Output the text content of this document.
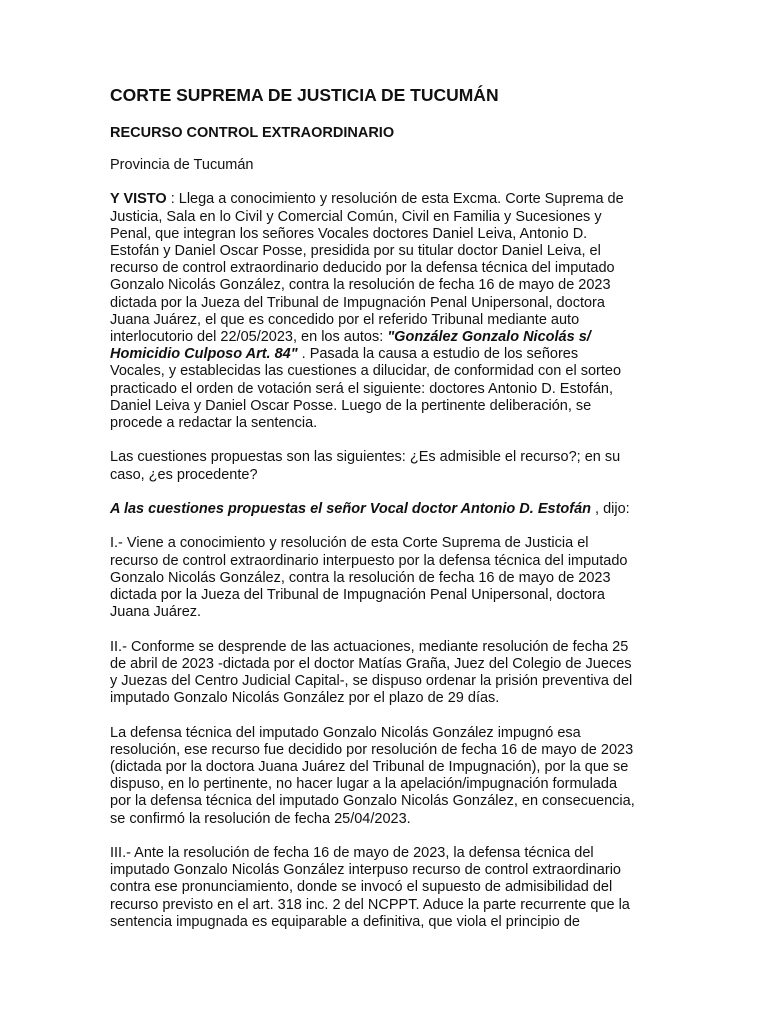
CORTE SUPREMA DE JUSTICIA DE TUCUMÁN
RECURSO CONTROL EXTRAORDINARIO

Provincia de Tucumán

Y VISTO : Llega a conocimiento y resolución de esta Excma. Corte Suprema de Justicia, Sala en lo Civil y Comercial Común, Civil en Familia y Sucesiones y Penal, que integran los señores Vocales doctores Daniel Leiva, Antonio D. Estofán y Daniel Oscar Posse, presidida por su titular doctor Daniel Leiva, el recurso de control extraordinario deducido por la defensa técnica del imputado Gonzalo Nicolás González, contra la resolución de fecha 16 de mayo de 2023 dictada por la Jueza del Tribunal de Impugnación Penal Unipersonal, doctora Juana Juárez, el que es concedido por el referido Tribunal mediante auto interlocutorio del 22/05/2023, en los autos: "González Gonzalo Nicolás s/ Homicidio Culposo Art. 84" . Pasada la causa a estudio de los señores Vocales, y establecidas las cuestiones a dilucidar, de conformidad con el sorteo practicado el orden de votación será el siguiente: doctores Antonio D. Estofán, Daniel Leiva y Daniel Oscar Posse. Luego de la pertinente deliberación, se procede a redactar la sentencia.

Las cuestiones propuestas son las siguientes: ¿Es admisible el recurso?; en su caso, ¿es procedente?

A las cuestiones propuestas el señor Vocal doctor Antonio D. Estofán , dijo:

I.- Viene a conocimiento y resolución de esta Corte Suprema de Justicia el recurso de control extraordinario interpuesto por la defensa técnica del imputado Gonzalo Nicolás González, contra la resolución de fecha 16 de mayo de 2023 dictada por la Jueza del Tribunal de Impugnación Penal Unipersonal, doctora Juana Juárez.

II.- Conforme se desprende de las actuaciones, mediante resolución de fecha 25 de abril de 2023 -dictada por el doctor Matías Graña, Juez del Colegio de Jueces y Juezas del Centro Judicial Capital-, se dispuso ordenar la prisión preventiva del imputado Gonzalo Nicolás González por el plazo de 29 días.

La defensa técnica del imputado Gonzalo Nicolás González impugnó esa resolución, ese recurso fue decidido por resolución de fecha 16 de mayo de 2023 (dictada por la doctora Juana Juárez del Tribunal de Impugnación), por la que se dispuso, en lo pertinente, no hacer lugar a la apelación/impugnación formulada por la defensa técnica del imputado Gonzalo Nicolás González, en consecuencia, se confirmó la resolución de fecha 25/04/2023.

III.- Ante la resolución de fecha 16 de mayo de 2023, la defensa técnica del imputado Gonzalo Nicolás González interpuso recurso de control extraordinario contra ese pronunciamiento, donde se invocó el supuesto de admisibilidad del recurso previsto en el art. 318 inc. 2 del NCPPT. Aduce la parte recurrente que la sentencia impugnada es equiparable a definitiva, que viola el principio de
